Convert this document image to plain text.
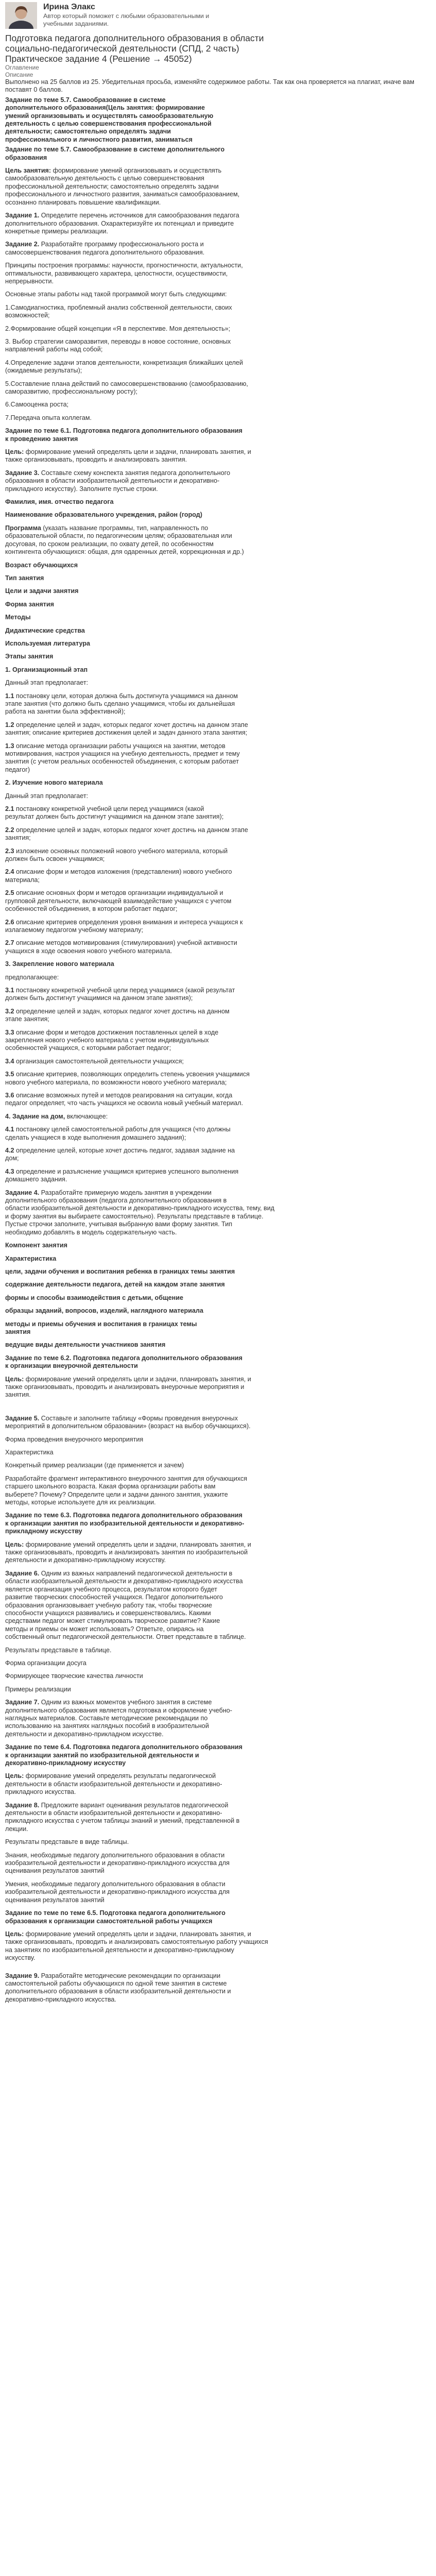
Ирина Элакс
Автор который поможет с любыми образовательными и учебными заданиями.
Подготовка педагога дополнительного образования в области
социально-педагогической деятельности (СПД, 2 часть)
Практическое задание 4 (Решение → 45052)
Оглавление
Описание
Выполнено на 25 баллов из 25. Убедительная просьба, изменяйте содержимое работы. Так как она проверяется на плагиат, иначе вам поставят 0 баллов.
Задание по теме 5.7. Самообразование в системе
дополнительного образования(Цель занятия: формирование
умений организовывать и осуществлять самообразовательную
деятельность с целью совершенствования профессиональной
деятельности; самостоятельно определять задачи
профессионального и личностного развития, заниматься
Задание по теме 5.7. Самообразование в системе дополнительного
образования
Цель занятия: формирование умений организовывать и осуществлять
самообразовательную деятельность с целью совершенствования
профессиональной деятельности; самостоятельно определять задачи
профессионального и личностного развития, заниматься самообразованием,
осознанно планировать повышение квалификации.
Задание 1. Определите перечень источников для самообразования педагога
дополнительного образования. Охарактеризуйте их потенциал и приведите
конкретные примеры реализации.
Задание 2. Разработайте программу профессионального роста и
самосовершенствования педагога дополнительного образования.
Принципы построения программы: научности, прогностичности, актуальности,
оптимальности, развивающего характера, целостности, осуществимости,
непрерывности.
Основные этапы работы над такой программой могут быть следующими:
1.Самодиагностика, проблемный анализ собственной деятельности, своих
возможностей;
2.Формирование общей концепции «Я в перспективе. Моя деятельность»;
3. Выбор стратегии саморазвития, переводы в новое состояние, основных
направлений работы над собой;
4.Определение задачи этапов деятельности, конкретизация ближайших целей
(ожидаемые результаты);
5.Составление плана действий по самосовершенствованию (самообразованию,
саморазвитию, профессиональному росту);
6.Самооценка роста;
7.Передача опыта коллегам.
Задание по теме 6.1. Подготовка педагога дополнительного образования
к проведению занятия
Цель: формирование умений определять цели и задачи, планировать занятия, и
также организовывать, проводить и анализировать занятия.
Задание 3. Составьте схему конспекта занятия педагога дополнительного
образования в области изобразительной деятельности и декоративно-
прикладного искусству). Заполните пустые строки.
Фамилия, имя. отчество педагога
Наименование образовательного учреждения, район (город)
Программа (указать название программы, тип, направленность по
образовательной области, по педагогическим целям; образовательная или
досуговая, по сроком реализации, по охвату детей, по особенностям
контингента обучающихся: общая, для одаренных детей, коррекционная и др.)
Возраст обучающихся
Тип занятия
Цели и задачи занятия
Форма занятия
Методы
Дидактические средства
Используемая литература
Этапы занятия
1. Организационный этап
Данный этап предполагает:
1.1 постановку цели, которая должна быть достигнута учащимися на данном
этапе занятия (что должно быть сделано учащимися, чтобы их дальнейшая
работа на занятии была эффективной);
1.2 определение целей и задач, которых педагог хочет достичь на данном этапе
занятия; описание критериев достижения целей и задач данного этапа занятия;
1.3 описание метода организации работы учащихся на занятии, методов
мотивирования, настроя учащихся на учебную деятельность, предмет и тему
занятия (с учетом реальных особенностей объединения, с которым работает
педагог)
2. Изучение нового материала
Данный этап предполагает:
2.1 постановку конкретной учебной цели перед учащимися (какой
результат должен быть достигнут учащимися на данном этапе занятия);
2.2 определение целей и задач, которых педагог хочет достичь на данном этапе
занятия;
2.3 изложение основных положений нового учебного материала, который
должен быть освоен учащимися;
2.4 описание форм и методов изложения (представления) нового учебного
материала;
2.5 описание основных форм и методов организации индивидуальной и
групповой деятельности, включающей взаимодействие учащихся с учетом
особенностей объединения, в котором работает педагог;
2.6 описание критериев определения уровня внимания и интереса учащихся к
излагаемому педагогом учебному материалу;
2.7 описание методов мотивирования (стимулирования) учебной активности
учащихся в ходе освоения нового учебного материала.
3. Закрепление нового материала
предполагающее:
3.1 постановку конкретной учебной цели перед учащимися (какой результат
должен быть достигнут учащимися на данном этапе занятия);
3.2 определение целей и задач, которых педагог хочет достичь на данном
этапе занятия;
3.3 описание форм и методов достижения поставленных целей в ходе
закрепления нового учебного материала с учетом индивидуальных
особенностей учащихся, с которыми работает педагог;
3.4 организация самостоятельной деятельности учащихся;
3.5 описание критериев, позволяющих определить степень усвоения учащимися
нового учебного материала, по возможности нового учебного материала;
3.6 описание возможных путей и методов реагирования на ситуации, когда
педагог определяет, что часть учащихся не освоила новый учебный материал.
4. Задание на дом, включающее:
4.1 постановку целей самостоятельной работы для учащихся (что должны
сделать учащиеся в ходе выполнения домашнего задания);
4.2 определение целей, которые хочет достичь педагог, задавая задание на
дом;
4.3 определение и разъяснение учащимся критериев успешного выполнения
домашнего задания.
Задание 4. Разработайте примерную модель занятия в учреждении
дополнительного образования (педагога дополнительного образования в
области изобразительной деятельности и декоративно-прикладного искусства, тему, вид
и форму занятия вы выбираете самостоятельно). Результаты представьте в таблице.
Пустые строчки заполните, учитывая выбранную вами форму занятия. Тип
необходимо добавлять в модель содержательную часть.
Компонент занятия
Характеристика
цели, задачи обучения и воспитания ребенка в границах темы занятия
содержание деятельности педагога, детей на каждом этапе занятия
формы и способы взаимодействия с детьми, общение
образцы заданий, вопросов, изделий, наглядного материала
методы и приемы обучения и воспитания в границах темы
занятия
ведущие виды деятельности участников занятия
Задание по теме 6.2. Подготовка педагога дополнительного образования
к организации внеурочной деятельности
Цель: формирование умений определять цели и задачи, планировать занятия, и
также организовывать, проводить и анализировать внеурочные мероприятия и
занятия.
Задание 5. Составьте и заполните таблицу «Формы проведения внеурочных
мероприятий в дополнительном образовании» (возраст на выбор обучающихся).
Форма проведения внеурочного мероприятия
Характеристика
Конкретный пример реализации (где применяется и зачем)
Разработайте фрагмент интерактивного внеурочного занятия для обучающихся
старшего школьного возраста. Какая форма организации работы вам
выберете? Почему? Определите цели и задачи данного занятия, укажите
методы, которые используете для их реализации.
Задание по теме 6.3. Подготовка педагога дополнительного образования
к организации занятия по изобразительной деятельности и декоративно-
прикладному искусству
Цель: формирование умений определять цели и задачи, планировать занятия, и
также организовывать, проводить и анализировать занятия по изобразительной
деятельности и декоративно-прикладному искусству.
Задание 6. Одним из важных направлений педагогической деятельности в
области изобразительной деятельности и декоративно-прикладного искусства
является организация учебного процесса, результатом которого будет
развитие творческих способностей учащихся. Педагог дополнительного
образования организовывает учебную работу так, чтобы творческие
способности учащихся развивались и совершенствовались. Какими
средствами педагог может стимулировать творческое развитие? Какие
методы и приемы он может использовать? Ответьте, опираясь на
собственный опыт педагогической деятельности. Ответ представьте в таблице.
Результаты представьте в таблице.
Форма организации досуга
Формирующее творческие качества личности
Примеры реализации
Задание 7. Одним из важных моментов учебного занятия в системе
дополнительного образования является подготовка и оформление учебно-
наглядных материалов. Составьте методические рекомендации по
использованию на занятиях наглядных пособий в изобразительной
деятельности и декоративно-прикладном искусстве.
Задание по теме 6.4. Подготовка педагога дополнительного образования
к организации занятий по изобразительной деятельности и
декоративно-прикладному искусству
Цель: формирование умений определять результаты педагогической
деятельности в области изобразительной деятельности и декоративно-
прикладного искусства.
Задание 8. Предложите вариант оценивания результатов педагогической
деятельности в области изобразительной деятельности и декоративно-
прикладного искусства с учетом таблицы знаний и умений, представленной в
лекции.
Результаты представьте в виде таблицы.
Знания, необходимые педагогу дополнительного образования в области
изобразительной деятельности и декоративно-прикладного искусства для
оценивания результатов занятий
Умения, необходимые педагогу дополнительного образования в области
изобразительной деятельности и декоративно-прикладного искусства для
оценивания результатов занятий
Задание по теме по теме 6.5. Подготовка педагога дополнительного
образования к организации самостоятельной работы учащихся
Цель: формирование умений определять цели и задачи, планировать занятия, и
также организовывать, проводить и анализировать самостоятельную работу учащихся
на занятиях по изобразительной деятельности и декоративно-прикладному
искусству.
Задание 9. Разработайте методические рекомендации по организации
самостоятельной работы обучающихся по одной теме занятия в системе
дополнительного образования в области изобразительной деятельности и
декоративно-прикладного искусства.
